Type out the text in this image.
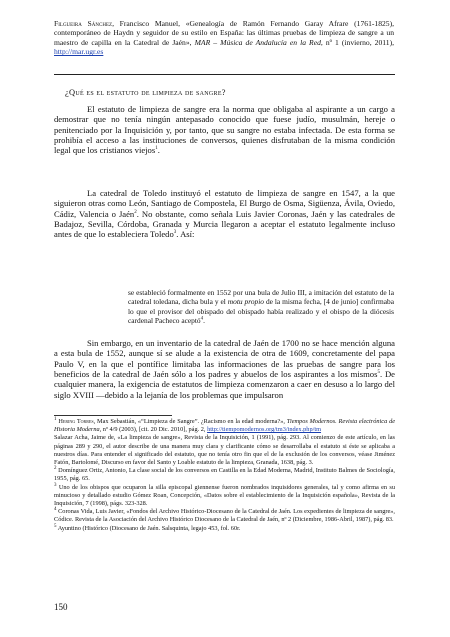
Filgueira Sánchez, Francisco Manuel, «Genealogía de Ramón Fernando Garay Afrare (1761-1825), contemporáneo de Haydn y seguidor de su estilo en España: las últimas pruebas de limpieza de sangre a un maestro de capilla en la Catedral de Jaén», MAR – Música de Andalucía en la Red, nº 1 (invierno, 2011), http://mar.ugr.es
¿Qué es el estatuto de limpieza de sangre?

El estatuto de limpieza de sangre era la norma que obligaba al aspirante a un cargo a demostrar que no tenía ningún antepasado conocido que fuese judío, musulmán, hereje o penitenciado por la Inquisición y, por tanto, que su sangre no estaba infectada. De esta forma se prohibía el acceso a las instituciones de conversos, quienes disfrutaban de la misma condición legal que los cristianos viejos$^1$.

La catedral de Toledo instituyó el estatuto de limpieza de sangre en 1547, a la que siguieron otras como León, Santiago de Compostela, El Burgo de Osma, Sigüenza, Ávila, Oviedo, Cádiz, Valencia o Jaén$^2$. No obstante, como señala Luis Javier Coronas, Jaén y las catedrales de Badajoz, Sevilla, Córdoba, Granada y Murcia llegaron a aceptar el estatuto legalmente incluso antes de que lo estableciera Toledo$^3$. Así:

se estableció formalmente en 1552 por una bula de Julio III, a imitación del estatuto de la catedral toledana, dicha bula y el motu propio de la misma fecha, [4 de junio] confirmaba lo que el provisor del obispado del obispado había realizado y el obispo de la diócesis cardenal Pacheco aceptó$^4$.

Sin embargo, en un inventario de la catedral de Jaén de 1700 no se hace mención alguna a esta bula de 1552, aunque sí se alude a la existencia de otra de 1609, concretamente del papa Paulo V, en la que el pontífice limitaba las informaciones de las pruebas de sangre para los beneficios de la catedral de Jaén sólo a los padres y abuelos de los aspirantes a los mismos$^5$. De cualquier manera, la exigencia de estatutos de limpieza comenzaron a caer en desuso a lo largo del siglo XVIII —debido a la lejanía de los problemas que impulsaron

$^1$ Hering Torres, Max Sebastián, «“Limpieza de Sangre”. ¿Racismo en la edad moderna?», Tiempos Modernos. Revista electrónica de Historia Moderna, nº 4/9 (2003), [cit. 20 Dic. 2010], pág. 2, http://tiempomodernos.org/tm3/index.php/tm

Salazar Acha, Jaime de, «La limpieza de sangre», Revista de la Inquisición, 1 (1991), pág. 293. Al comienzo de este artículo, en las páginas 289 y 290, el autor describe de una manera muy clara y clarificante cómo se desarrollaba el estatuto si éste se aplicaba a nuestros días. Para entender el significado del estatuto, que no tenía otro fin que el de la exclusión de los conversos, véase Jiménez Fatón, Bartolomé, Discurso en favor del Santo y Loable estatuto de la limpieza, Granada, 1638, pág. 3.

$^2$ Domínguez Ortiz, Antonio, La clase social de los conversos en Castilla en la Edad Moderna, Madrid, Instituto Balmes de Sociología, 1955, pág. 65.

$^3$ Uno de los obispos que ocuparon la silla episcopal giennense fueron nombrados inquisidores generales, tal y como afirma en su minucioso y detallado estudio Gómez Roan, Concepción, «Datos sobre el establecimiento de la Inquisición española», Revista de la Inquisición, 7 (1998), págs. 323-328.

$^4$ Coronas Vida, Luis Javier, «Fondos del Archivo Histórico-Diocesano de la Catedral de Jaén. Los expedientes de limpieza de sangre», Códice. Revista de la Asociación del Archivo Histórico Diocesano de la Catedral de Jaén, nº 2 (Diciembre, 1986-Abril, 1987), pág. 83.

$^5$ Ayuntino (Histórico (Diocesano de Jaén. Salsquinta, legajo 453, fol. 60r.

150
